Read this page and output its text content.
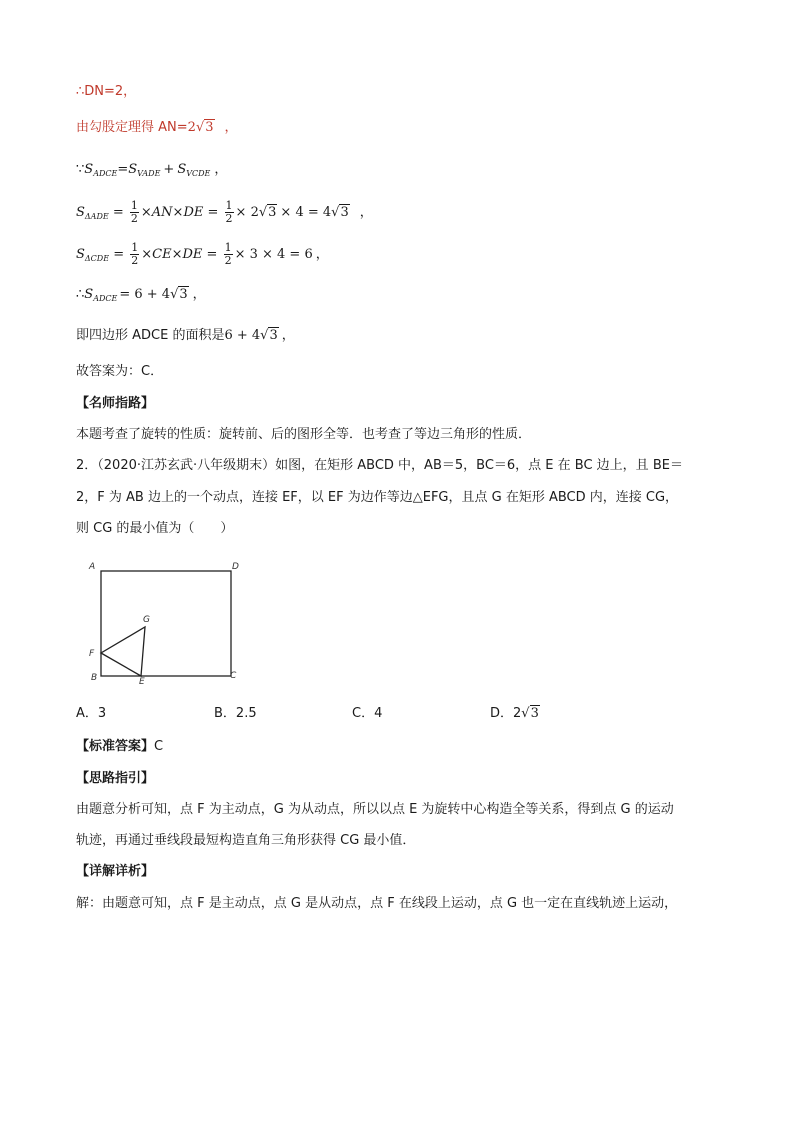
∴DN=2，
由勾股定理得 AN=2√3 ，
$\because S_{ADCE}=S_{VADE} + S_{VCDE}$ ，
$S_{\Delta ADE} = \frac{1}{2} \times AN\times DE = \frac{1}{2} \times 2√3 \times 4 = 4√3$ ，
$S_{\Delta CDE} = \frac{1}{2} \times CE\times DE = \frac{1}{2} \times 3 \times 4 = 6$ ，
$\therefore S_{ADCE} = 6 + 4√3$ ，
即四边形 ADCE 的面积是6 + 4√3 ，
故答案为：C．
【名师指路】
本题考查了旋转的性质：旋转前、后的图形全等．也考查了等边三角形的性质．
2．（2020·江苏玄武·八年级期末）如图，在矩形 ABCD 中，AB＝5，BC＝6，点 E 在 BC 边上，且 BE＝
2，F 为 AB 边上的一个动点，连接 EF，以 EF 为边作等边△EFG，且点 G 在矩形 ABCD 内，连接 CG，
则 CG 的最小值为（　　）
A	D
G
F
B	E
C
A．3	B．2.5	C．4	D．2√3
【标准答案】C
【思路指引】
由题意分析可知，点 F 为主动点，G 为从动点，所以以点 E 为旋转中心构造全等关系，得到点 G 的运动
轨迹，再通过垂线段最短构造直角三角形获得 CG 最小值．
【详解详析】
解：由题意可知，点 F 是主动点，点 G 是从动点，点 F 在线段上运动，点 G 也一定在直线轨迹上运动，
